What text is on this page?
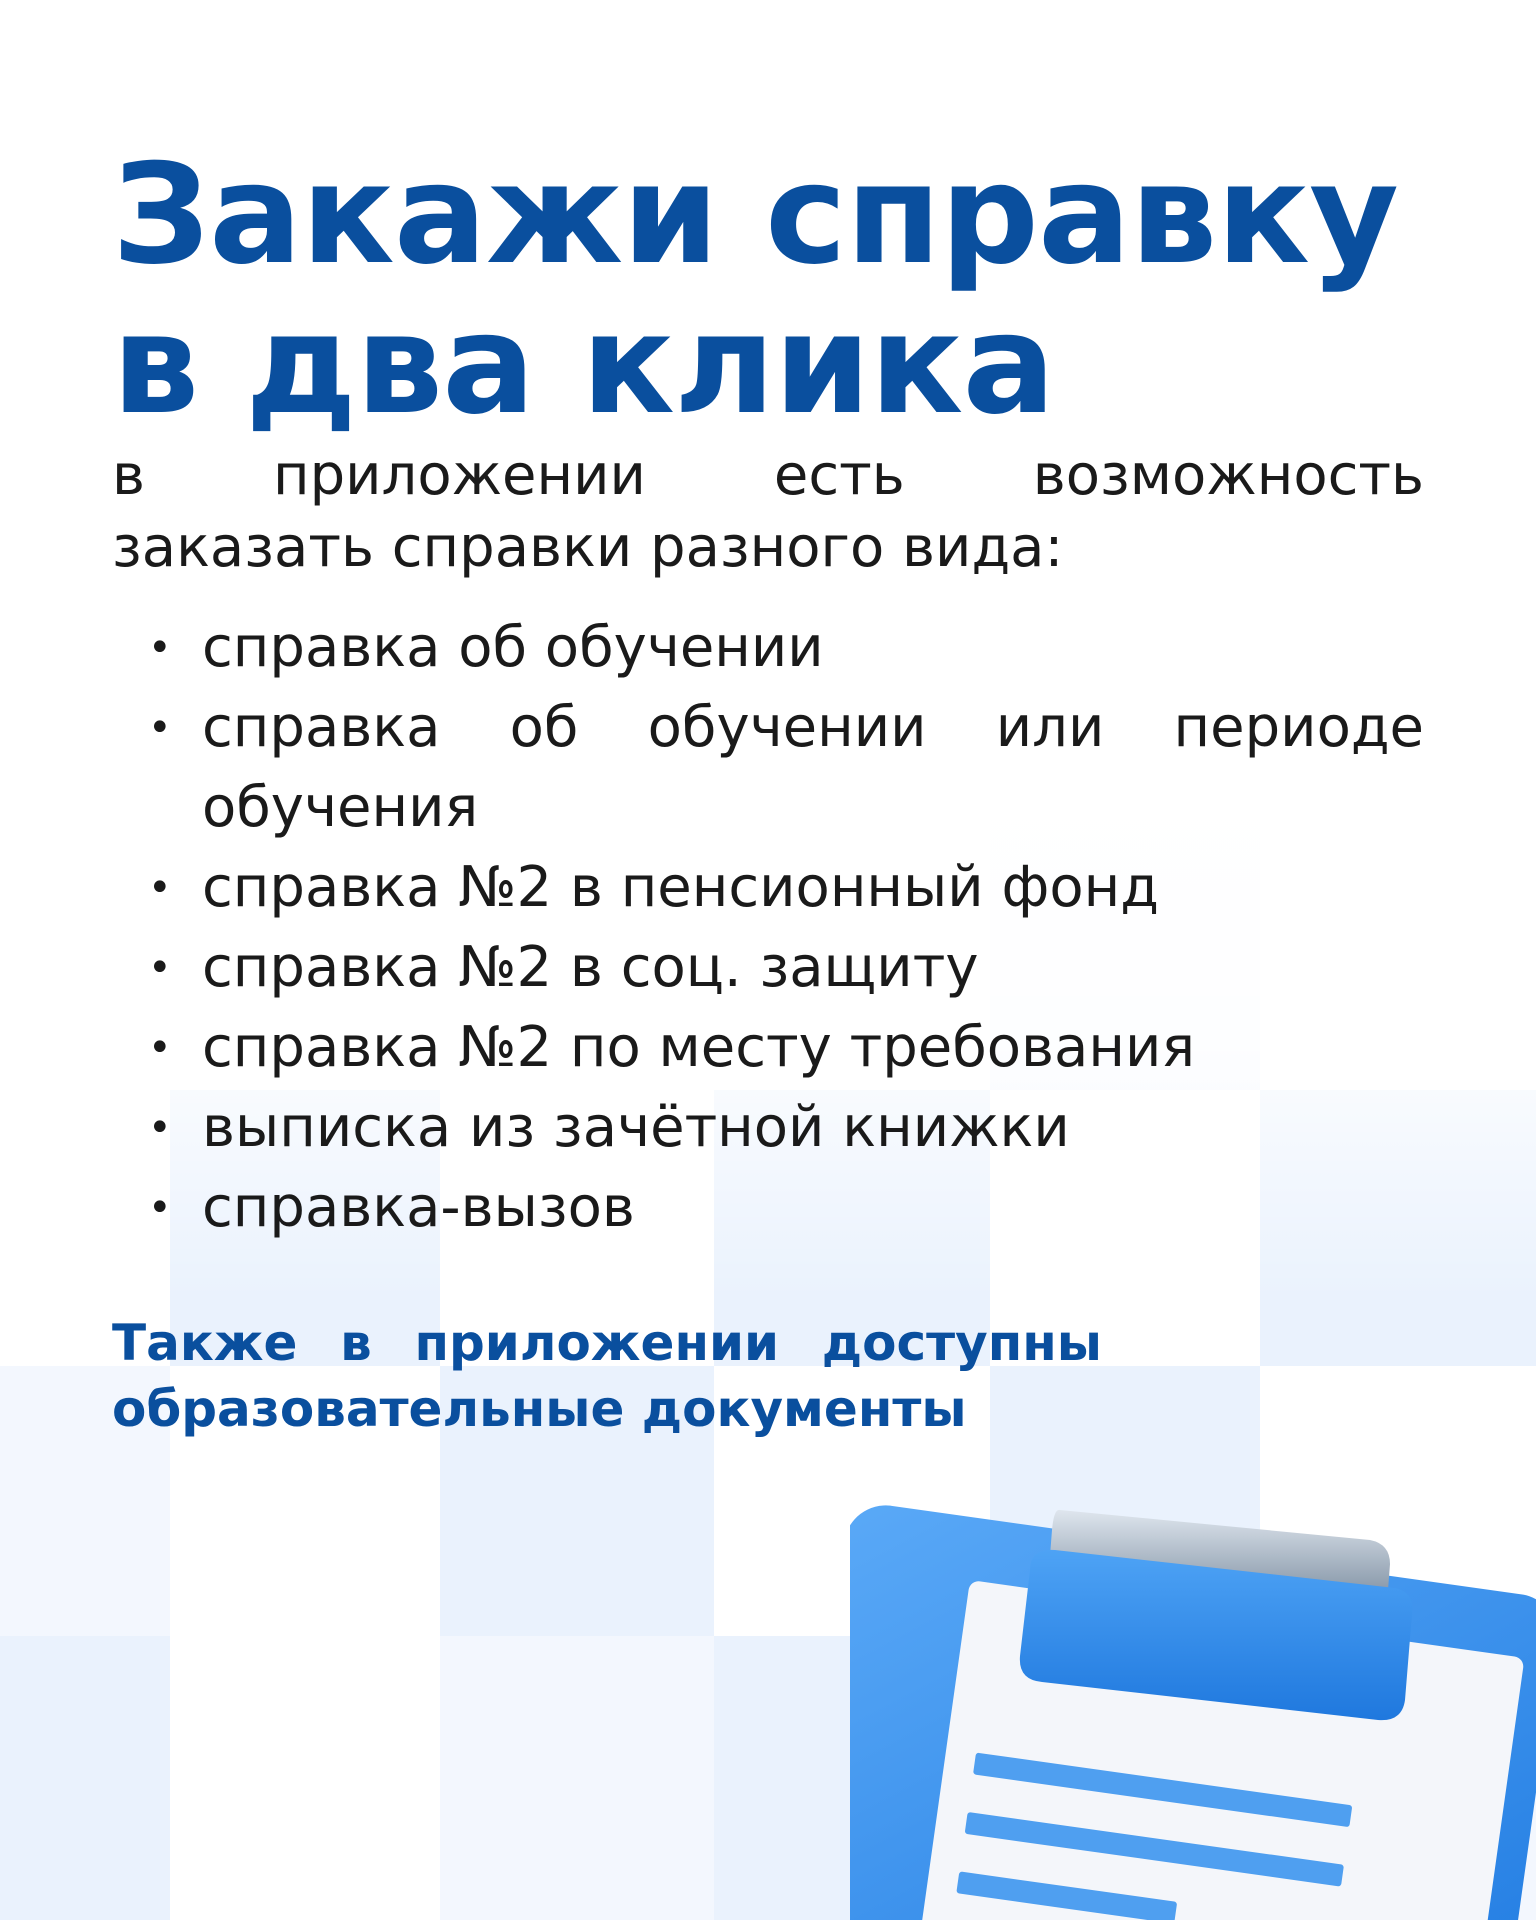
Закажи справку
в два клика

в приложении есть возможность
заказать справки разного вида:

• справка об обучении
• справка об обучении или периоде обучения
• справка №2 в пенсионный фонд
• справка №2 в соц. защиту
• справка №2 по месту требования
• выписка из зачётной книжки
• справка-вызов

Также в приложении доступны образовательные документы
